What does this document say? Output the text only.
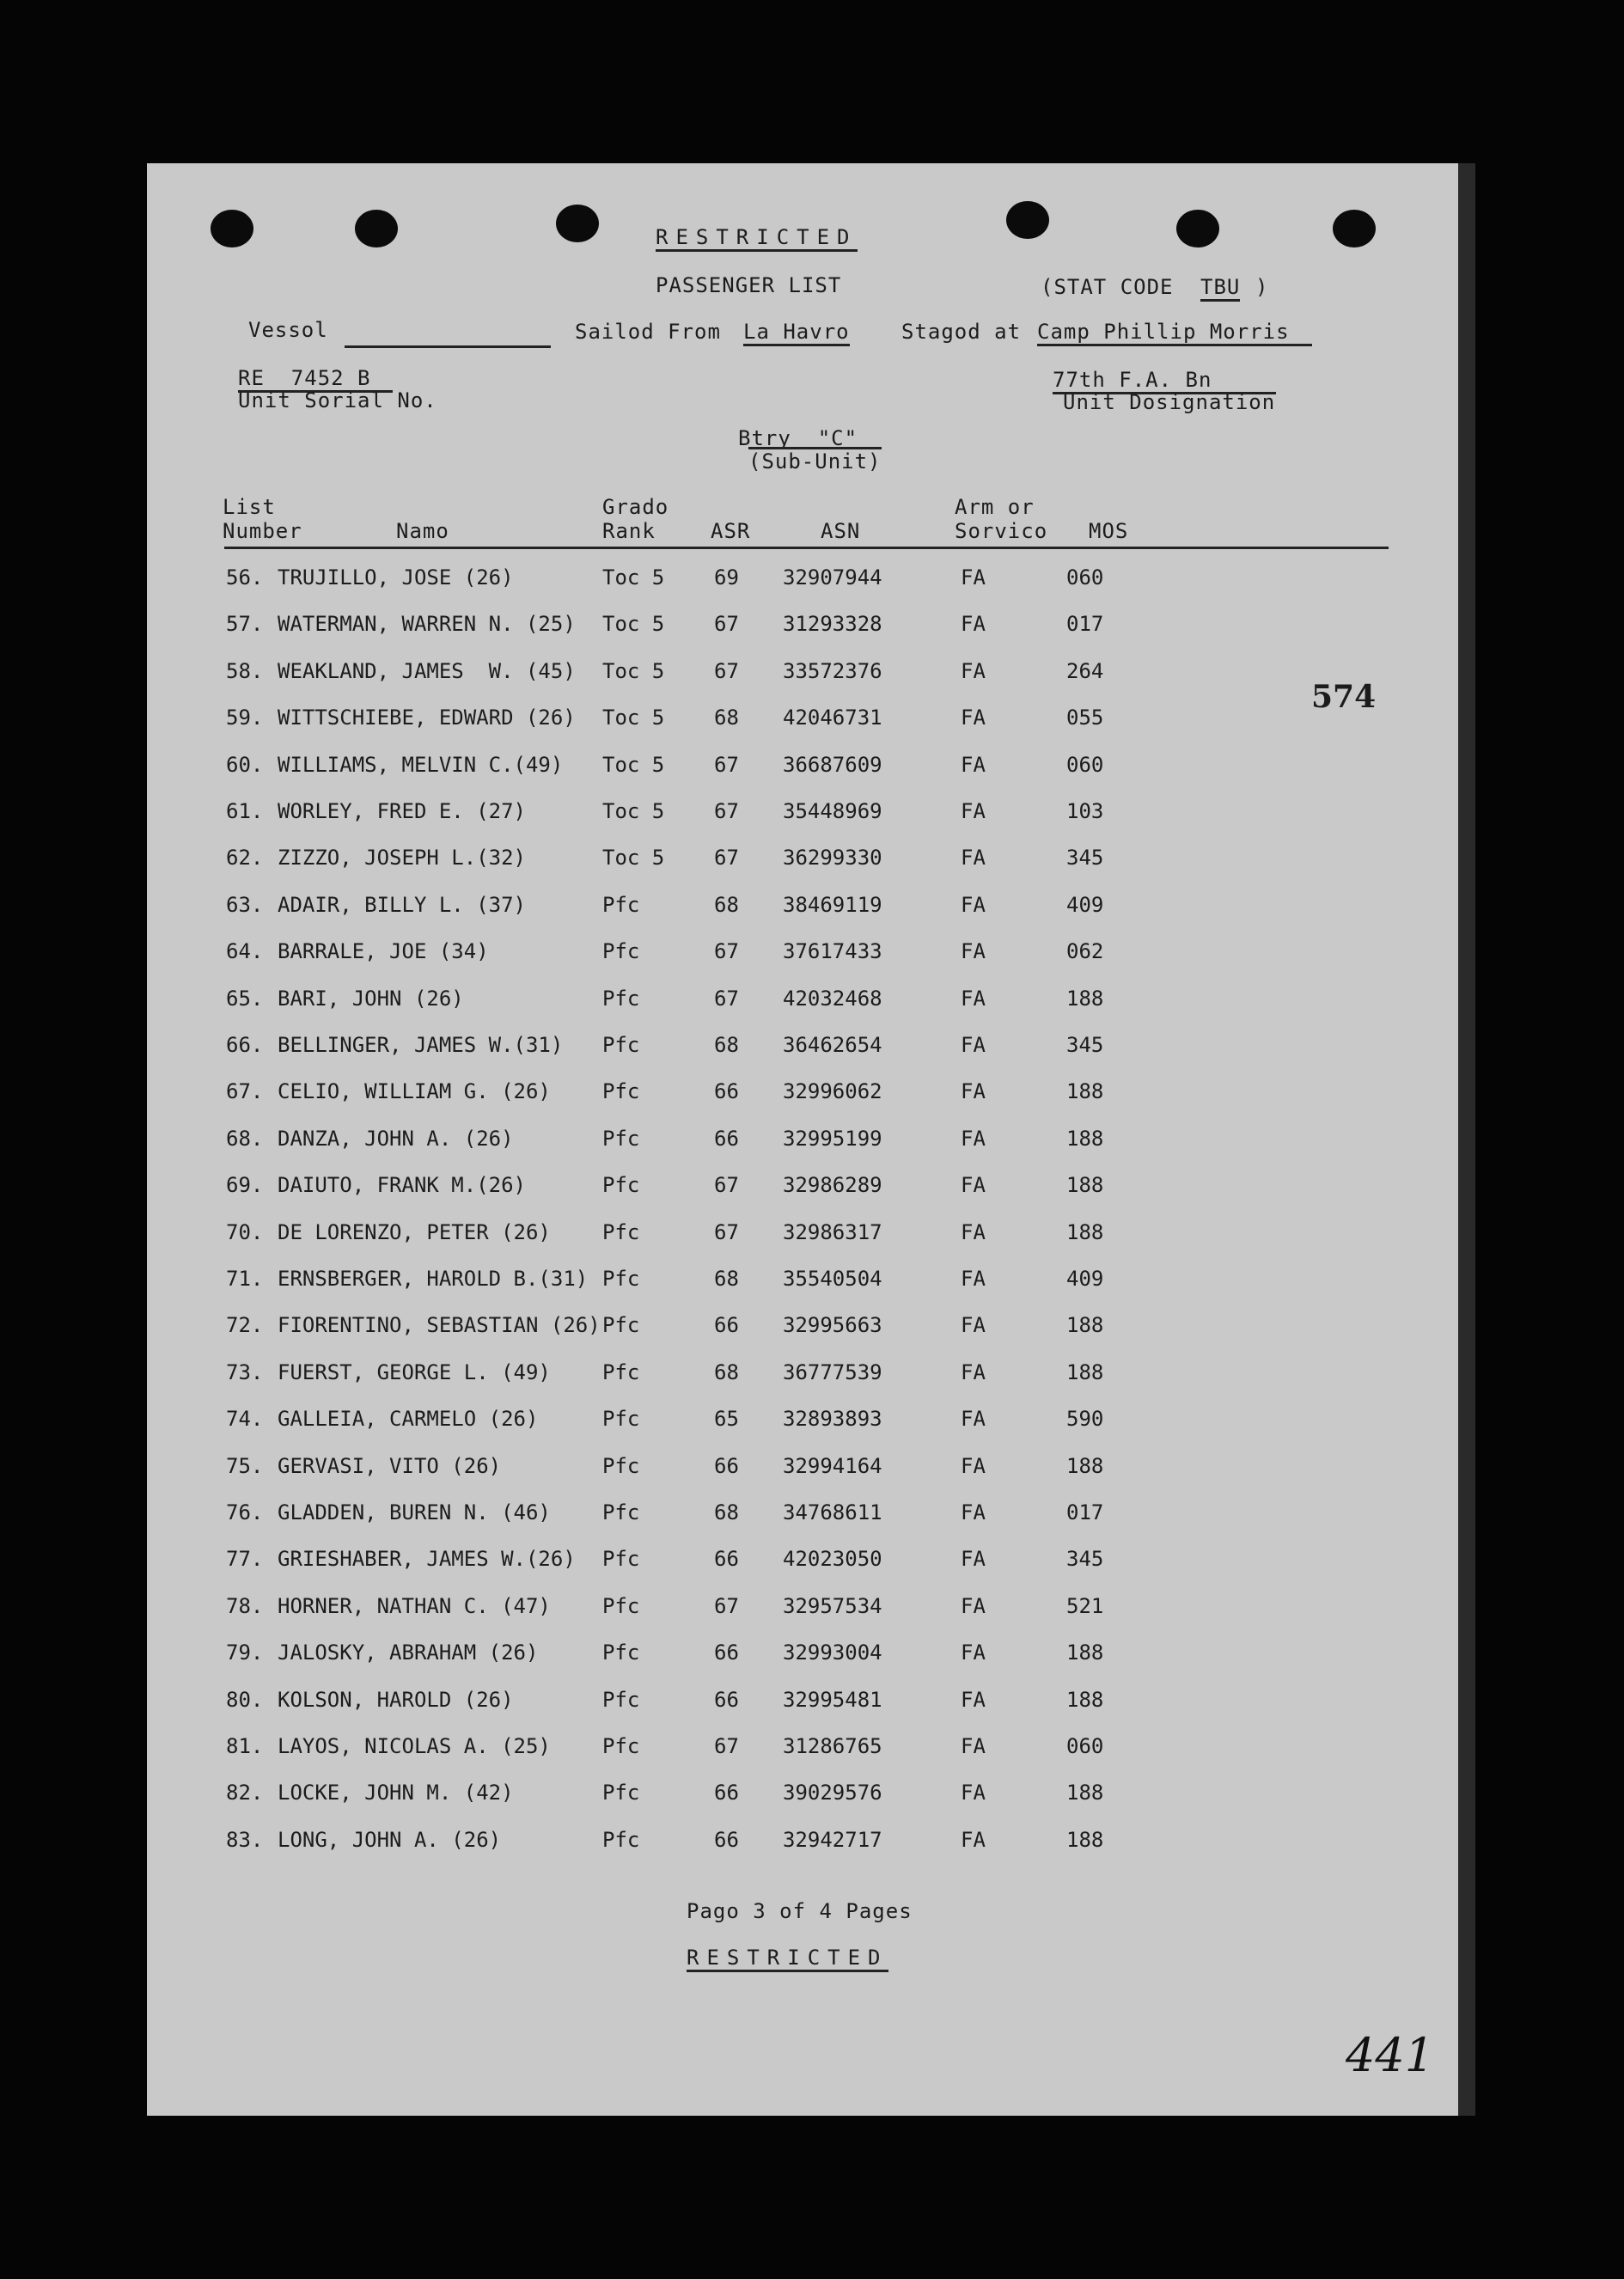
RESTRICTED
PASSENGER LIST	(STAT CODE TBU )
Vessol	Sailod From La Havro	Stagod at Camp Phillip Morris
RE  7452 B
Unit Sorial No.
77th F.A. Bn
Unit Dosignation
Btry  "C"
(Sub-Unit)
List
Number	Namo
Grado
Rank	ASR	ASN
Arm or
Sorvico MOS
56. TRUJILLO, JOSE (26)	Toc 5 69 32907944	FA	060
57. WATERMAN, WARREN N. (25) Toc 5 67 31293328	FA	017
58. WEAKLAND, JAMES  W. (45) Toc 5 67 33572376	FA	264
59. WITTSCHIEBE, EDWARD (26) Toc 5 68 42046731	FA	055
60. WILLIAMS, MELVIN C.(49) Toc 5 67 36687609	FA	060
61. WORLEY, FRED E. (27)	Toc 5 67 35448969	FA	103
62. ZIZZO, JOSEPH L.(32)	Toc 5 67 36299330	FA	345
63. ADAIR, BILLY L. (37)	Pfc	68 38469119	FA	409
64. BARRALE, JOE (34)	Pfc	67 37617433	FA	062
65. BARI, JOHN (26)	Pfc	67 42032468	FA	188
66. BELLINGER, JAMES W.(31) Pfc	68 36462654	FA	345
67. CELIO, WILLIAM G. (26)	Pfc	66 32996062	FA	188
68. DANZA, JOHN A. (26)	Pfc	66 32995199	FA	188
69. DAIUTO, FRANK M.(26)	Pfc	67 32986289	FA	188
70. DE LORENZO, PETER (26)	Pfc	67 32986317	FA	188
71. ERNSBERGER, HAROLD B.(31) Pfc	68 35540504	FA	409
72. FIORENTINO, SEBASTIAN (26) Pfc	66 32995663	FA	188
73. FUERST, GEORGE L. (49)	Pfc	68 36777539	FA	188
74. GALLEIA, CARMELO (26)	Pfc	65 32893893	FA	590
75. GERVASI, VITO (26)	Pfc	66 32994164	FA	188
76. GLADDEN, BUREN N. (46)	Pfc	68 34768611	FA	017
77. GRIESHABER, JAMES W.(26) Pfc	66 42023050	FA	345
78. HORNER, NATHAN C. (47)	Pfc	67 32957534	FA	521
79. JALOSKY, ABRAHAM (26)	Pfc	66 32993004	FA	188
80. KOLSON, HAROLD (26)	Pfc	66 32995481	FA	188
81. LAYOS, NICOLAS A. (25)	Pfc	67 31286765	FA	060
82. LOCKE, JOHN M. (42)	Pfc	66 39029576	FA	188
83. LONG, JOHN A. (26)	Pfc	66 32942717	FA	188
574
441
Pago 3 of 4 Pages
RESTRICTED
